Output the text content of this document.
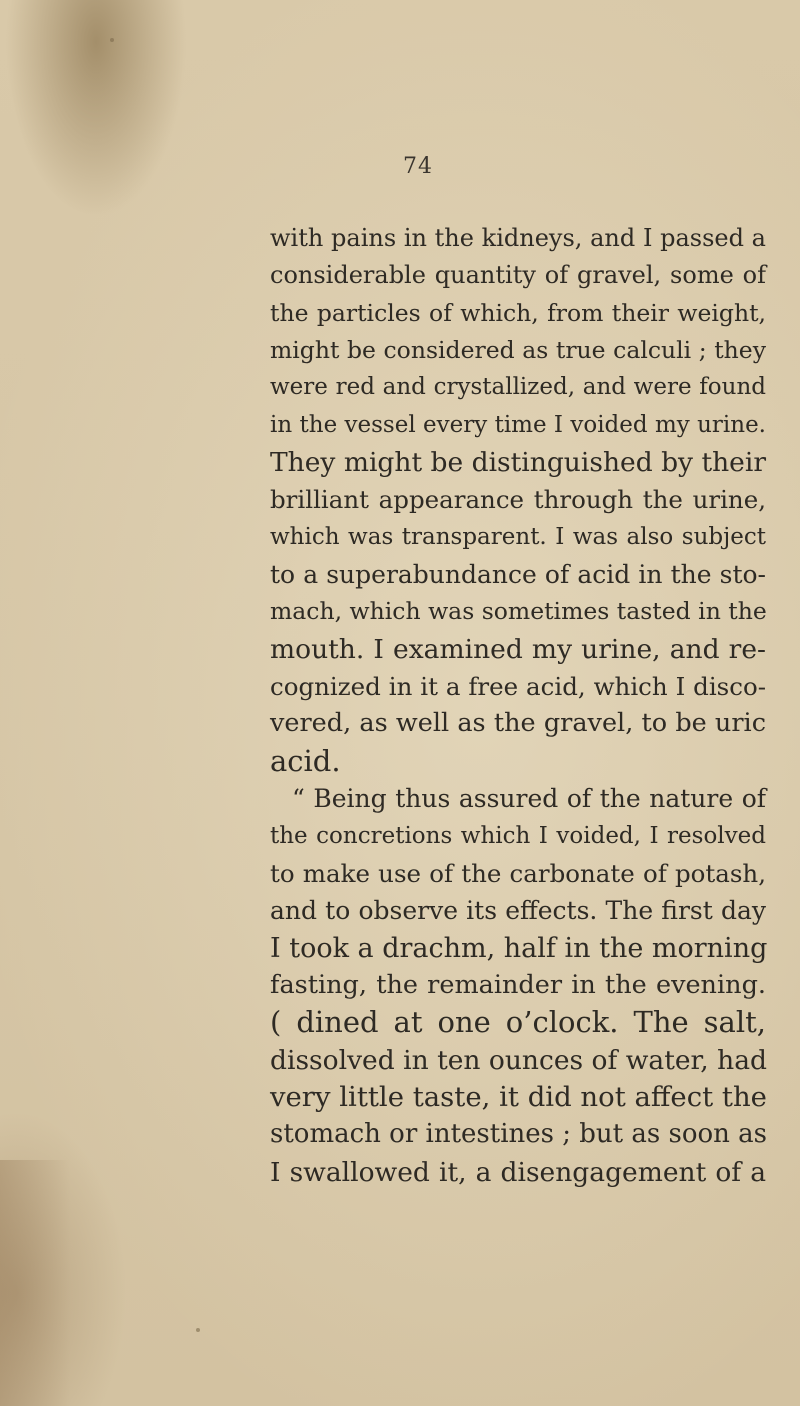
74
with pains in the kidneys, and I passed a
considerable quantity of gravel, some of
the particles of which, from their weight,
might be considered as true calculi ; they
were red and crystallized, and were found
in the vessel every time I voided my urine.
They might be distinguished by their
brilliant appearance through the urine,
which was transparent. I was also subject
to a superabundance of acid in the sto-
mach, which was sometimes tasted in the
mouth. I examined my urine, and re-
cognized in it a free acid, which I disco-
vered, as well as the gravel, to be uric
acid.
“ Being thus assured of the nature of
the concretions which I voided, I resolved
to make use of the carbonate of potash,
and to observe its effects. The first day
I took a drachm, half in the morning
fasting, the remainder in the evening.
( dined at one o’clock. The salt,
dissolved in ten ounces of water, had
very little taste, it did not affect the
stomach or intestines ; but as soon as
I swallowed it, a disengagement of a
